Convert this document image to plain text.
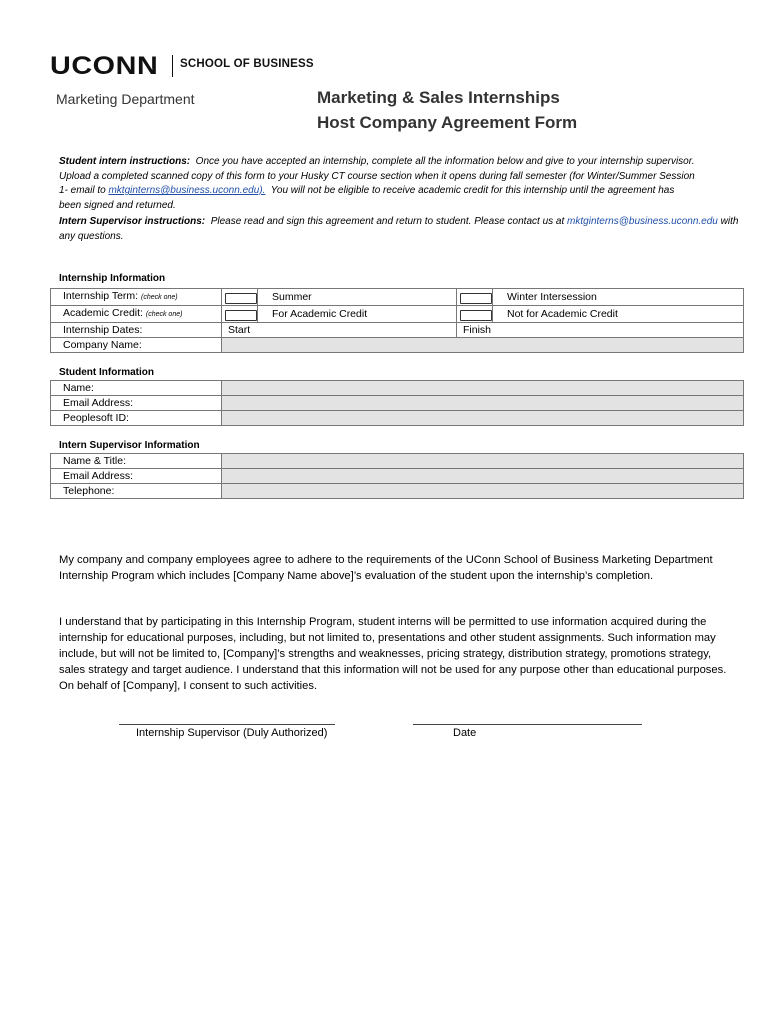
UCONN SCHOOL OF BUSINESS
Marketing Department	Marketing & Sales Internships
Host Company Agreement Form
Student intern instructions: Once you have accepted an internship, complete all the information below and give to your internship supervisor.
Upload a completed scanned copy of this form to your Husky CT course section when it opens during fall semester (for Winter/Summer Session
1- email to mktginterns@business.uconn.edu). You will not be eligible to receive academic credit for this internship until the agreement has
been signed and returned.
Intern Supervisor instructions: Please read and sign this agreement and return to student. Please contact us at mktginterns@business.uconn.edu with
any questions.
Internship Information
Internship Term: (check one)		Summer		Winter Intersession
Academic Credit: (check one)		For Academic Credit		Not for Academic Credit
Internship Dates:	Start		Finish	
Company Name:				
Student Information
Name:	
Email Address:	
Peoplesoft ID:	
Intern Supervisor Information
Name & Title:	
Email Address:	
Telephone:	
My company and company employees agree to adhere to the requirements of the UConn School of Business Marketing Department Internship Program which includes [Company Name above]’s evaluation of the student upon the internship’s completion.
I understand that by participating in this Internship Program, student interns will be permitted to use information acquired during the internship for educational purposes, including, but not limited to, presentations and other student assignments. Such information may include, but will not be limited to, [Company]’s strengths and weaknesses, pricing strategy, distribution strategy, promotions strategy, sales strategy and target audience. I understand that this information will not be used for any purpose other than educational purposes. On behalf of [Company], I consent to such activities.
Internship Supervisor (Duly Authorized)	Date
